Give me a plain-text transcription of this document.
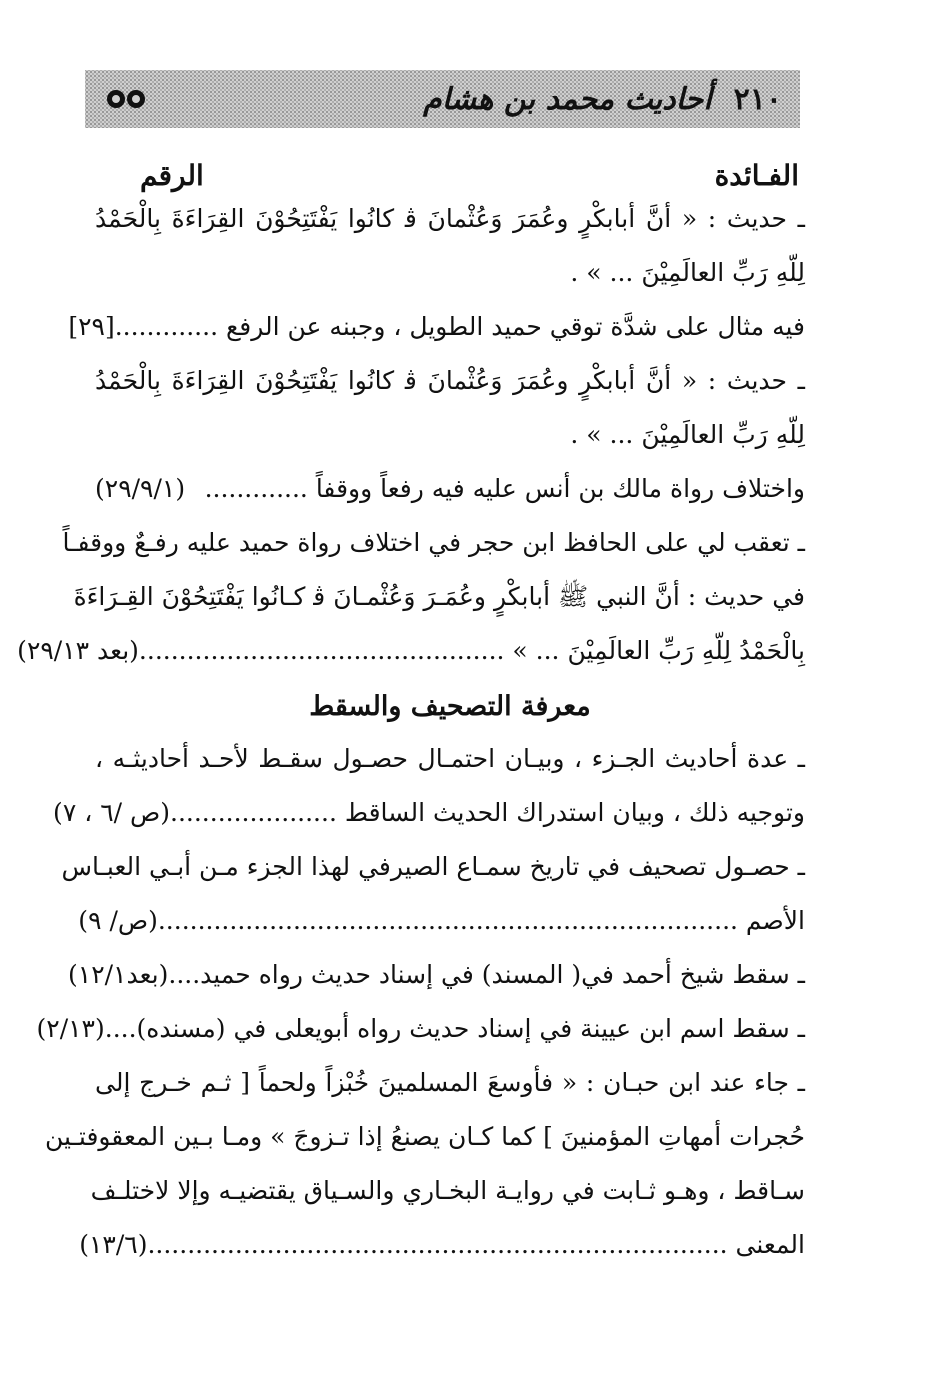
٢١٠
أحاديث محمد بن هشام
الفـائدة
الرقم
ـ حديث : « أنَّ أبابكْرٍ وعُمَرَ وَعُثْمانَ ﭬ كانُوا يَفْتَتِحُوْنَ القِرَاءَةَ بِالْحَمْدُ
لِلّهِ رَبِّ العالَمِيْنَ ... » .
فيه مثال على شدَّة توقي حميد الطويل ، وجبنه عن الرفع .............
[٢٩]
ـ حديث : « أنَّ أبابكْرٍ وعُمَرَ وَعُثْمانَ ﭬ كانُوا يَفْتَتِحُوْنَ القِرَاءَةَ بِالْحَمْدُ
لِلّهِ رَبِّ العالَمِيْنَ ... » .
واختلاف رواة مالك بن أنس عليه فيه رفعاً ووقفاً .............
(٢٩/٩/١)
ـ تعقب لي على الحافظ ابن حجر في اختلاف رواة حميد عليه رفـعٌ ووقفـاً
في حديث : أنَّ النبي ﷺ أبابكْرٍ وعُمَـرَ وَعُثْمـانَ ﭬ كـانُوا يَفْتَتِحُوْنَ القِـرَاءَةَ
بِالْحَمْدُ لِلّهِ رَبِّ العالَمِيْنَ ... » ..............................................
(بعد ٢٩/١٣)
معرفة التصحيف والسقط
ـ عدة أحاديث الجـزء ، وبيـان احتمـال حصـول سقـط لأحـد أحاديثـه ،
وتوجيه ذلك ، وبيان استدراك الحديث الساقط .....................
(ص /٦ ، ٧)
ـ حصـول تصحيف في تاريخ سمـاع الصيرفي لهذا الجزء مـن أبـي العبـاس
الأصم .........................................................................
(ص/ ٩)
ـ سقط شيخ أحمد في( المسند) في إسناد حديث رواه حميد....
(بعد١٢/١)
ـ سقط اسم ابن عيينة في إسناد حديث رواه أبويعلى في (مسنده)....
(٢/١٣)
ـ جاء عند ابن حبـان : « فأوسعَ المسلمينَ خُبْزاً ولحماً [ ثـم خـرج إلى
حُجرات أمهاتِ المؤمنينَ ] كما كـان يصنعُ إذا تـزوجَ » ومـا بـين المعقوفتـين
سـاقط ، وهـو ثـابت في روايـة البخـاري والسـياق يقتضيـه وإلا لاختلـف
المعنى .........................................................................
(١٣/٦)
